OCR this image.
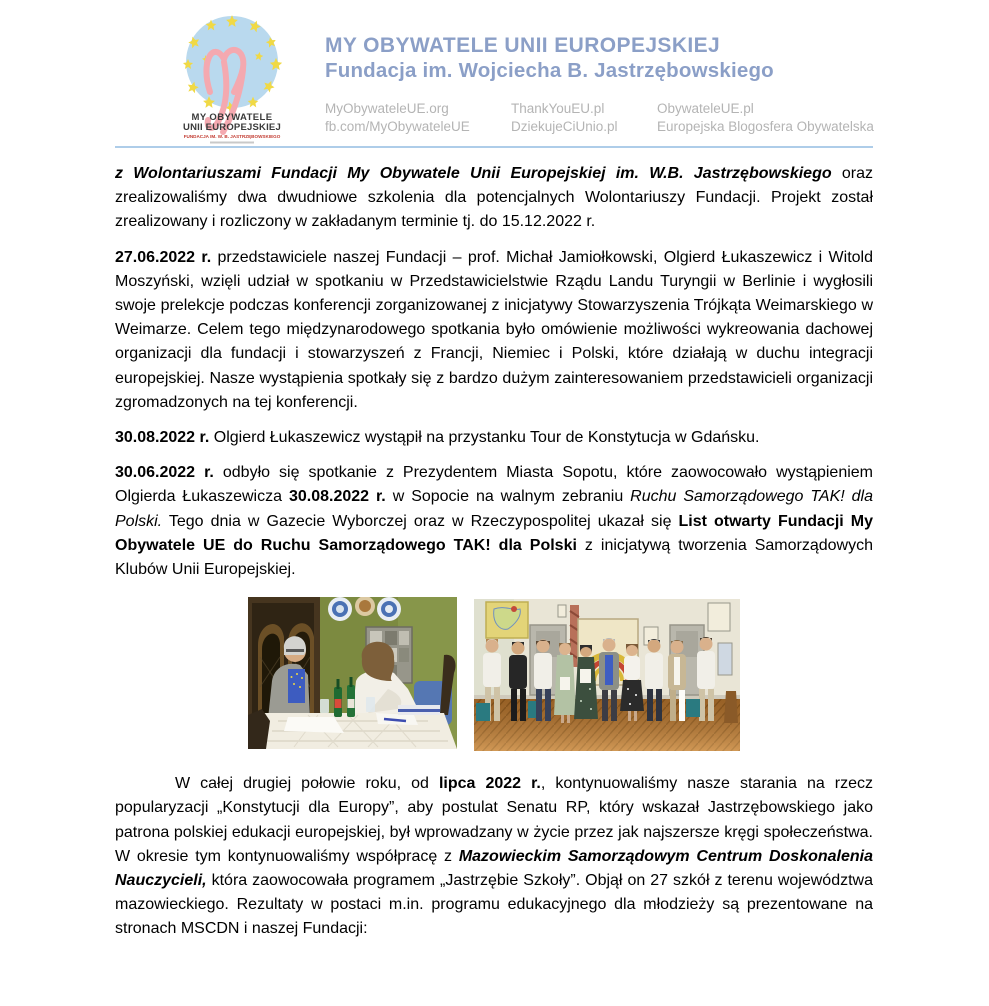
MY OBYWATELE
UNII EUROPEJSKIEJ
FUNDACJA IM. W. B. JASTRZĘBOWSKIEGO
MY OBYWATELE UNII EUROPEJSKIEJ
Fundacja im. Wojciecha B. Jastrzębowskiego
MyObywateleUE.org
fb.com/MyObywateleUE
ThankYouEU.pl
DziekujeCiUnio.pl
ObywateleUE.pl
Europejska Blogosfera Obywatelska

z Wolontariuszami Fundacji My Obywatele Unii Europejskiej im. W.B. Jastrzębowskiego oraz zrealizowaliśmy dwa dwudniowe szkolenia dla potencjalnych Wolontariuszy Fundacji. Projekt został zrealizowany i rozliczony w zakładanym terminie tj. do 15.12.2022 r.

27.06.2022 r. przedstawiciele naszej Fundacji – prof. Michał Jamiołkowski, Olgierd Łukaszewicz i Witold Moszyński, wzięli udział w spotkaniu w Przedstawicielstwie Rządu Landu Turyngii w Berlinie i wygłosili swoje prelekcje podczas konferencji zorganizowanej z inicjatywy Stowarzyszenia Trójkąta Weimarskiego w Weimarze. Celem tego międzynarodowego spotkania było omówienie możliwości wykreowania dachowej organizacji dla fundacji i stowarzyszeń z Francji, Niemiec i Polski, które działają w duchu integracji europejskiej. Nasze wystąpienia spotkały się z bardzo dużym zainteresowaniem przedstawicieli organizacji zgromadzonych na tej konferencji.

30.08.2022 r. Olgierd Łukaszewicz wystąpił na przystanku Tour de Konstytucja w Gdańsku.

30.06.2022 r. odbyło się spotkanie z Prezydentem Miasta Sopotu, które zaowocowało wystąpieniem Olgierda Łukaszewicza 30.08.2022 r. w Sopocie na walnym zebraniu Ruchu Samorządowego TAK! dla Polski. Tego dnia w Gazecie Wyborczej oraz w Rzeczypospolitej ukazał się List otwarty Fundacji My Obywatele UE do Ruchu Samorządowego TAK! dla Polski z inicjatywą tworzenia Samorządowych Klubów Unii Europejskiej.

W całej drugiej połowie roku, od lipca 2022 r., kontynuowaliśmy nasze starania na rzecz popularyzacji „Konstytucji dla Europy”, aby postulat Senatu RP, który wskazał Jastrzębowskiego jako patrona polskiej edukacji europejskiej, był wprowadzany w życie przez jak najszersze kręgi społeczeństwa. W okresie tym kontynuowaliśmy współpracę z Mazowieckim Samorządowym Centrum Doskonalenia Nauczycieli, która zaowocowała programem „Jastrzębie Szkoły”. Objął on 27 szkół z terenu województwa mazowieckiego. Rezultaty w postaci m.in. programu edukacyjnego dla młodzieży są prezentowane na stronach MSCDN i naszej Fundacji:
